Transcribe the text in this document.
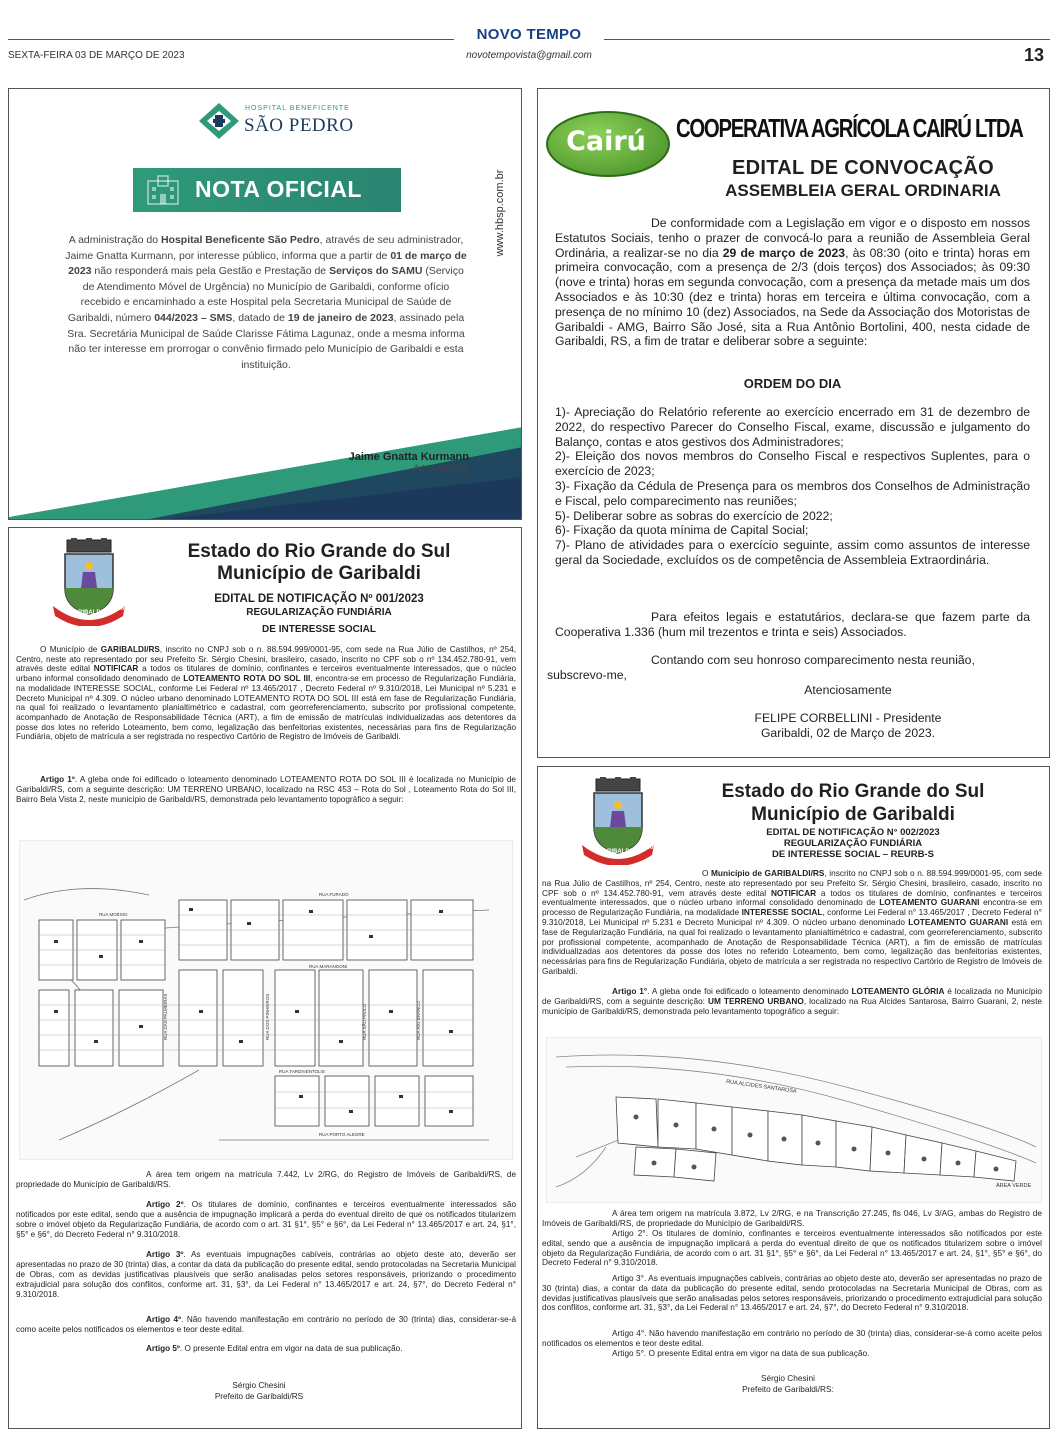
NOVO TEMPO
SEXTA-FEIRA 03 DE MARÇO DE 2023	novotempovista@gmail.com	13
HOSPITAL BENEFICENTE
SÃO PEDRO
www.hbsp.com.br
NOTA OFICIAL
A administração do Hospital Beneficente São Pedro, através de seu administrador, Jaime Gnatta Kurmann, por interesse público, informa que a partir de 01 de março de 2023 não responderá mais pela Gestão e Prestação de Serviços do SAMU (Serviço de Atendimento Móvel de Urgência) no Município de Garibaldi, conforme ofício recebido e encaminhado a este Hospital pela Secretaria Municipal de Saúde de Garibaldi, número 044/2023 – SMS, datado de 19 de janeiro de 2023, assinado pela Sra. Secretária Municipal de Saúde Clarisse Fátima Lagunaz, onde a mesma informa não ter interesse em prorrogar o convênio firmado pelo Município de Garibaldi e esta instituição.
Jaime Gnatta Kurmann
Administrador
Cairú	COOPERATIVA AGRÍCOLA CAIRÚ LTDA
EDITAL DE CONVOCAÇÃO
ASSEMBLEIA GERAL ORDINARIA
De conformidade com a Legislação em vigor e o disposto em nossos Estatutos Sociais, tenho o prazer de convocá-lo para a reunião de Assembleia Geral Ordinária, a realizar-se no dia 29 de março de 2023, às 08:30 (oito e trinta) horas em primeira convocação, com a presença de 2/3 (dois terços) dos Associados; às 09:30 (nove e trinta) horas em segunda convocação, com a presença da metade mais um dos Associados e às 10:30 (dez e trinta) horas em terceira e última convocação, com a presença de no mínimo 10 (dez) Associados, na Sede da Associação dos Motoristas de Garibaldi - AMG, Bairro São José, sita a Rua Antônio Bortolini, 400, nesta cidade de Garibaldi, RS, a fim de tratar e deliberar sobre a seguinte:
ORDEM DO DIA

1)- Apreciação do Relatório referente ao exercício encerrado em 31 de dezembro de 2022, do respectivo Parecer do Conselho Fiscal, exame, discussão e julgamento do Balanço, contas e atos gestivos dos Administradores;

2)- Eleição dos novos membros do Conselho Fiscal e respectivos Suplentes, para o exercício de 2023;

3)- Fixação da Cédula de Presença para os membros dos Conselhos de Administração e Fiscal, pelo comparecimento nas reuniões;

5)- Deliberar sobre as sobras do exercício de 2022;

6)- Fixação da quota mínima de Capital Social;

7)- Plano de atividades para o exercício seguinte, assim como assuntos de interesse geral da Sociedade, excluídos os de competência de Assembleia Extraordinária.

Para efeitos legais e estatutários, declara-se que fazem parte da Cooperativa 1.336 (hum mil trezentos e trinta e seis) Associados.
Contando com seu honroso comparecimento nesta reunião,
subscrevo-me,
Atenciosamente
FELIPE CORBELLINI - Presidente
Garibaldi, 02 de Março de 2023.
1870
GARIBALDI
1900
Estado do Rio Grande do Sul
Município de Garibaldi
EDITAL DE NOTIFICAÇÃO Nº 001/2023
REGULARIZAÇÃO FUNDIÁRIA
DE INTERESSE SOCIAL
O Município de GARIBALDI/RS, inscrito no CNPJ sob o n. 88.594.999/0001-95, com sede na Rua Júlio de Castilhos, nº 254, Centro, neste ato representado por seu Prefeito Sr. Sérgio Chesini, brasileiro, casado, inscrito no CPF sob o nº 134.452.780-91, vem através deste edital NOTIFICAR a todos os titulares de domínio, confinantes e terceiros eventualmente interessados, que o núcleo urbano informal consolidado denominado de LOTEAMENTO ROTA DO SOL III, encontra-se em processo de Regularização Fundiária, na modalidade INTERESSE SOCIAL, conforme Lei Federal nº 13.465/2017 , Decreto Federal nº 9.310/2018, Lei Municipal nº 5.231 e Decreto Municipal nº 4.309. O núcleo urbano denominado LOTEAMENTO ROTA DO SOL III está em fase de Regularização Fundiária, na qual foi realizado o levantamento planialtimétrico e cadastral, com georreferenciamento, subscrito por profissional competente, acompanhado de Anotação de Responsabilidade Técnica (ART), a fim de emissão de matrículas individualizadas aos detentores da posse dos lotes no referido Loteamento, bem como, legalização das benfeitorias existentes, necessárias para fins de Regularização Fundiária, objeto de matrícula a ser registrada no respectivo Cartório de Registro de Imóveis de Garibaldi.
Artigo 1º. A gleba onde foi edificado o loteamento denominado LOTEAMENTO ROTA DO SOL III é localizada no Município de Garibaldi/RS, com a seguinte descrição: UM TERRENO URBANO, localizado na RSC 453 – Rota do Sol , Loteamento Rota do Sol III, Bairro Bela Vista 2, neste município de Garibaldi/RS, demonstrada pelo levantamento topográfico a seguir:
RUA MOÉSIO
RUA FURADO
RUA MARANGONI
RUA TARDIVENTOLIS
RUA PORTO ALEGRE
RUA DAS PALMEIRAS	RUA DOS PINHEIROS	RUA SÃO PAULO	RUA RIO BRANCO
A área tem origem na matrícula 7.442, Lv 2/RG, do Registro de Imóveis de Garibaldi/RS, de propriedade do Município de Garibaldi/RS.
Artigo 2º. Os titulares de domínio, confinantes e terceiros eventualmente interessados são notificados por este edital, sendo que a ausência de impugnação implicará a perda do eventual direito de que os notificados titularizem sobre o imóvel objeto da Regularização Fundiária, de acordo com o art. 31 §1°, §5° e §6°, da Lei Federal n° 13.465/2017 e art. 24, §1°, §5° e §6°, do Decreto Federal n° 9.310/2018.
Artigo 3º. As eventuais impugnações cabíveis, contrárias ao objeto deste ato, deverão ser apresentadas no prazo de 30 (trinta) dias, a contar da data da publicação do presente edital, sendo protocoladas na Secretaria Municipal de Obras, com as devidas justificativas plausíveis que serão analisadas pelos setores responsáveis, priorizando o procedimento extrajudicial para solução dos conflitos, conforme art. 31, §3°, da Lei Federal n° 13.465/2017 e art. 24, §7°, do Decreto Federal n° 9.310/2018.
Artigo 4º. Não havendo manifestação em contrário no período de 30 (trinta) dias, considerar-se-á como aceite pelos notificados os elementos e teor deste edital.
Artigo 5º. O presente Edital entra em vigor na data de sua publicação.
Sérgio Chesini
Prefeito de Garibaldi/RS
1870
GARIBALDI
1900
Estado do Rio Grande do Sul
Município de Garibaldi
EDITAL DE NOTIFICAÇÃO N° 002/2023
REGULARIZAÇÃO FUNDIÁRIA
DE INTERESSE SOCIAL – REURB-S
O Município de GARIBALDI/RS, inscrito no CNPJ sob o n. 88.594.999/0001-95, com sede na Rua Júlio de Castilhos, nº 254, Centro, neste ato representado por seu Prefeito Sr. Sérgio Chesini, brasileiro, casado, inscrito no CPF sob o nº 134.452.780-91, vem através deste edital NOTIFICAR a todos os titulares de domínio, confinantes e terceiros eventualmente interessados, que o núcleo urbano informal consolidado denominado de LOTEAMENTO GUARANI encontra-se em processo de Regularização Fundiária, na modalidade INTERESSE SOCIAL, conforme Lei Federal n° 13.465/2017 , Decreto Federal n° 9.310/2018, Lei Municipal nº 5.231 e Decreto Municipal nº 4.309. O núcleo urbano denominado LOTEAMENTO GUARANI está em fase de Regularização Fundiária, na qual foi realizado o levantamento planialtimétrico e cadastral, com georreferenciamento, subscrito por profissional competente, acompanhado de Anotação de Responsabilidade Técnica (ART), a fim de emissão de matrículas individualizadas aos detentores da posse dos lotes no referido Loteamento, bem como, legalização das benfeitorias existentes, necessárias para fins de Regularização Fundiária, objeto de matrícula a ser registrada no respectivo Cartório de Registro de Imóveis de Garibaldi.
Artigo 1°. A gleba onde foi edificado o loteamento denominado LOTEAMENTO GLÓRIA é localizada no Município de Garibaldi/RS, com a seguinte descrição: UM TERRENO URBANO, localizado na Rua Alcides Santarosa, Bairro Guarani, 2, neste município de Garibaldi/RS, demonstrada pelo levantamento topográfico a seguir:
RUA ALCIDES SANTAROSA
ÁREA VERDE
A área tem origem na matrícula 3.872, Lv 2/RG, e na Transcrição 27.245, fls 046, Lv 3/AG, ambas do Registro de Imóveis de Garibaldi/RS, de propriedade do Município de Garibaldi/RS.
Artigo 2°. Os titulares de domínio, confinantes e terceiros eventualmente interessados são notificados por este edital, sendo que a ausência de impugnação implicará a perda do eventual direito de que os notificados titularizem sobre o imóvel objeto da Regularização Fundiária, de acordo com o art. 31 §1°, §5° e §6°, da Lei Federal n° 13.465/2017 e art. 24, §1°, §5° e §6°, do Decreto Federal n° 9.310/2018.
Artigo 3°. As eventuais impugnações cabíveis, contrárias ao objeto deste ato, deverão ser apresentadas no prazo de 30 (trinta) dias, a contar da data da publicação do presente edital, sendo protocoladas na Secretaria Municipal de Obras, com as devidas justificativas plausíveis que serão analisadas pelos setores responsáveis, priorizando o procedimento extrajudicial para solução dos conflitos, conforme art. 31, §3°, da Lei Federal n° 13.465/2017 e art. 24, §7°, do Decreto Federal n° 9.310/2018.
Artigo 4°. Não havendo manifestação em contrário no período de 30 (trinta) dias, considerar-se-á como aceite pelos notificados os elementos e teor deste edital.
Artigo 5°. O presente Edital entra em vigor na data de sua publicação.
Sérgio Chesini
Prefeito de Garibaldi/RS:
